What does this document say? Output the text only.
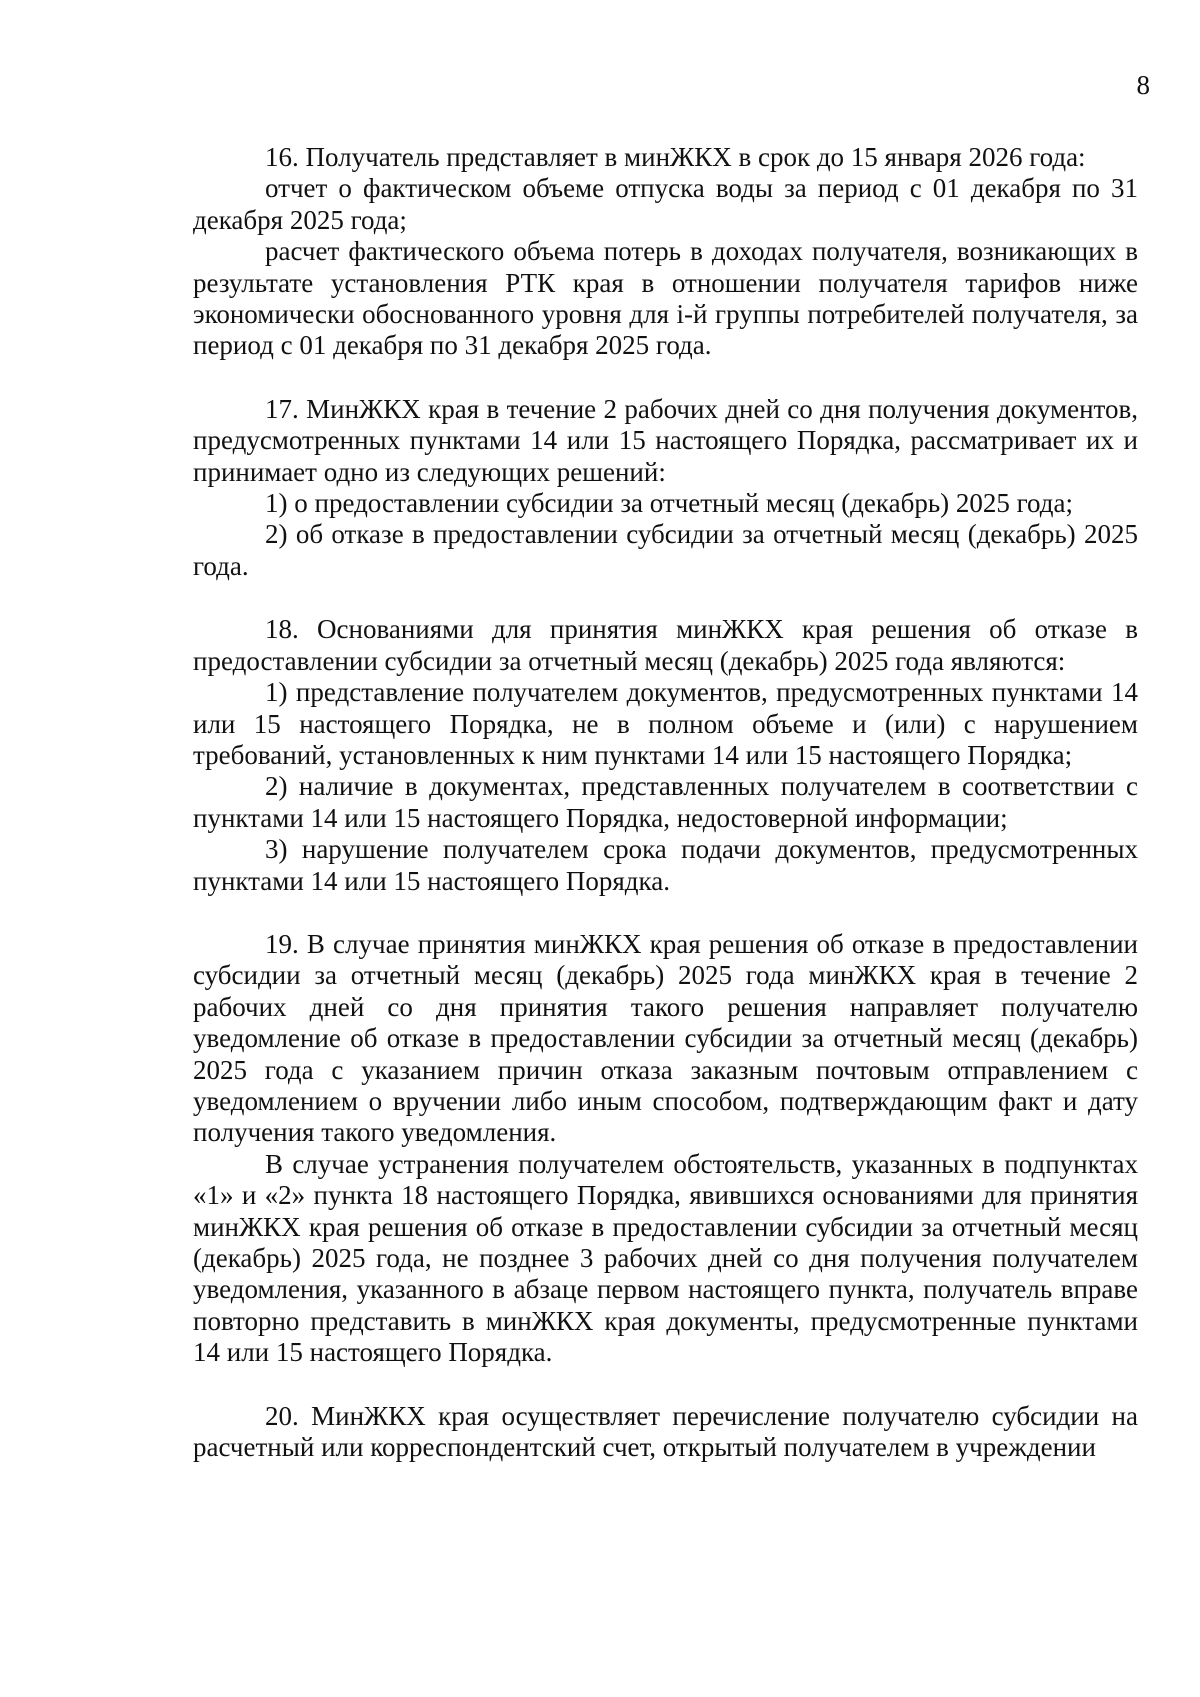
8

16. Получатель представляет в минЖКХ в срок до 15 января 2026 года:

отчет о фактическом объеме отпуска воды за период с 01 декабря по 31 декабря 2025 года;

расчет фактического объема потерь в доходах получателя, возникающих в результате установления РТК края в отношении получателя тарифов ниже экономически обоснованного уровня для i-й группы потребителей получателя, за период с 01 декабря по 31 декабря 2025 года.

17. МинЖКХ края в течение 2 рабочих дней со дня получения документов, предусмотренных пунктами 14 или 15 настоящего Порядка, рассматривает их и принимает одно из следующих решений:

1) о предоставлении субсидии за отчетный месяц (декабрь) 2025 года;

2) об отказе в предоставлении субсидии за отчетный месяц (декабрь) 2025 года.

18. Основаниями для принятия минЖКХ края решения об отказе в предоставлении субсидии за отчетный месяц (декабрь) 2025 года являются:

1) представление получателем документов, предусмотренных пунктами 14 или 15 настоящего Порядка, не в полном объеме и (или) с нарушением требований, установленных к ним пунктами 14 или 15 настоящего Порядка;

2) наличие в документах, представленных получателем в соответствии с пунктами 14 или 15 настоящего Порядка, недостоверной информации;

3) нарушение получателем срока подачи документов, предусмотренных пунктами 14 или 15 настоящего Порядка.

19. В случае принятия минЖКХ края решения об отказе в предоставлении субсидии за отчетный месяц (декабрь) 2025 года минЖКХ края в течение 2 рабочих дней со дня принятия такого решения направляет получателю уведомление об отказе в предоставлении субсидии за отчетный месяц (декабрь) 2025 года с указанием причин отказа заказным почтовым отправлением с уведомлением о вручении либо иным способом, подтверждающим факт и дату получения такого уведомления.

В случае устранения получателем обстоятельств, указанных в подпунктах «1» и «2» пункта 18 настоящего Порядка, явившихся основаниями для принятия минЖКХ края решения об отказе в предоставлении субсидии за отчетный месяц (декабрь) 2025 года, не позднее 3 рабочих дней со дня получения получателем уведомления, указанного в абзаце первом настоящего пункта, получатель вправе повторно представить в минЖКХ края документы, предусмотренные пунктами 14 или 15 настоящего Порядка.

20. МинЖКХ края осуществляет перечисление получателю субсидии на расчетный или корреспондентский счет, открытый получателем в учреждении
